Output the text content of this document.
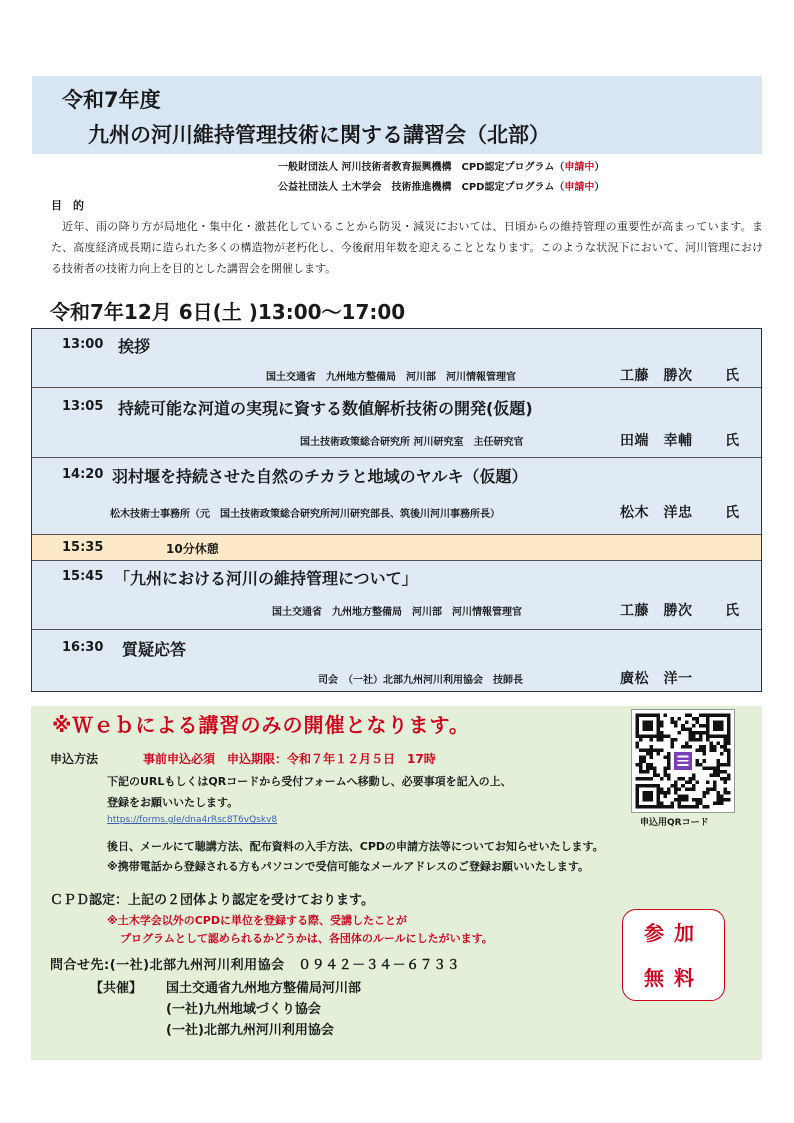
令和7年度
九州の河川維持管理技術に関する講習会（北部）
一般財団法人 河川技術者教育振興機構　CPD認定プログラム（申請中）
公益社団法人 土木学会　技術推進機構　CPD認定プログラム（申請中）
目　的
近年、雨の降り方が局地化・集中化・激甚化していることから防災・減災においては、日頃からの維持管理の重要性が高まっています。また、高度経済成長期に造られた多くの構造物が老朽化し、今後耐用年数を迎えることとなります。このような状況下において、河川管理における技術者の技術力向上を目的とした講習会を開催します。
令和7年12月 6日(土 )13:00～17:00
13:00 挨拶
国土交通省　九州地方整備局　河川部　河川情報管理官	工藤　勝次 氏
13:05 持続可能な河道の実現に資する数値解析技術の開発(仮題)
国土技術政策総合研究所 河川研究室　主任研究官	田端　幸輔 氏
14:20 羽村堰を持続させた自然のチカラと地域のヤルキ（仮題）
松木技術士事務所（元　国土技術政策総合研究所河川研究部長、筑後川河川事務所長）	松木　洋忠 氏
15:35	10分休憩
15:45 「九州における河川の維持管理について」
国土交通省　九州地方整備局　河川部　河川情報管理官	工藤　勝次 氏
16:30 質疑応答
司会　（一社）北部九州河川利用協会　技師長	廣松　洋一
※Ｗｅｂによる講習のみの開催となります。
申込用QRコード
申込方法	事前申込必須　申込期限：令和７年１２月５日　17時
下記のURLもしくはQRコードから受付フォームへ移動し、必要事項を記入の上、
登録をお願いいたします。
https://forms.gle/dna4rRsc8T6vQskv8
後日、メールにて聴講方法、配布資料の入手方法、CPDの申請方法等についてお知らせいたします。
※携帯電話から登録される方もパソコンで受信可能なメールアドレスのご登録お願いいたします。
ＣＰＤ認定：上記の２団体より認定を受けております。
※土木学会以外のCPDに単位を登録する際、受講したことが
プログラムとして認められるかどうかは、各団体のルールにしたがいます。
問合せ先:(一社)北部九州河川利用協会　０９４２－３４－６７３３
【共催】 国土交通省九州地方整備局河川部
(一社)九州地域づくり協会
(一社)北部九州河川利用協会
参加
無料
